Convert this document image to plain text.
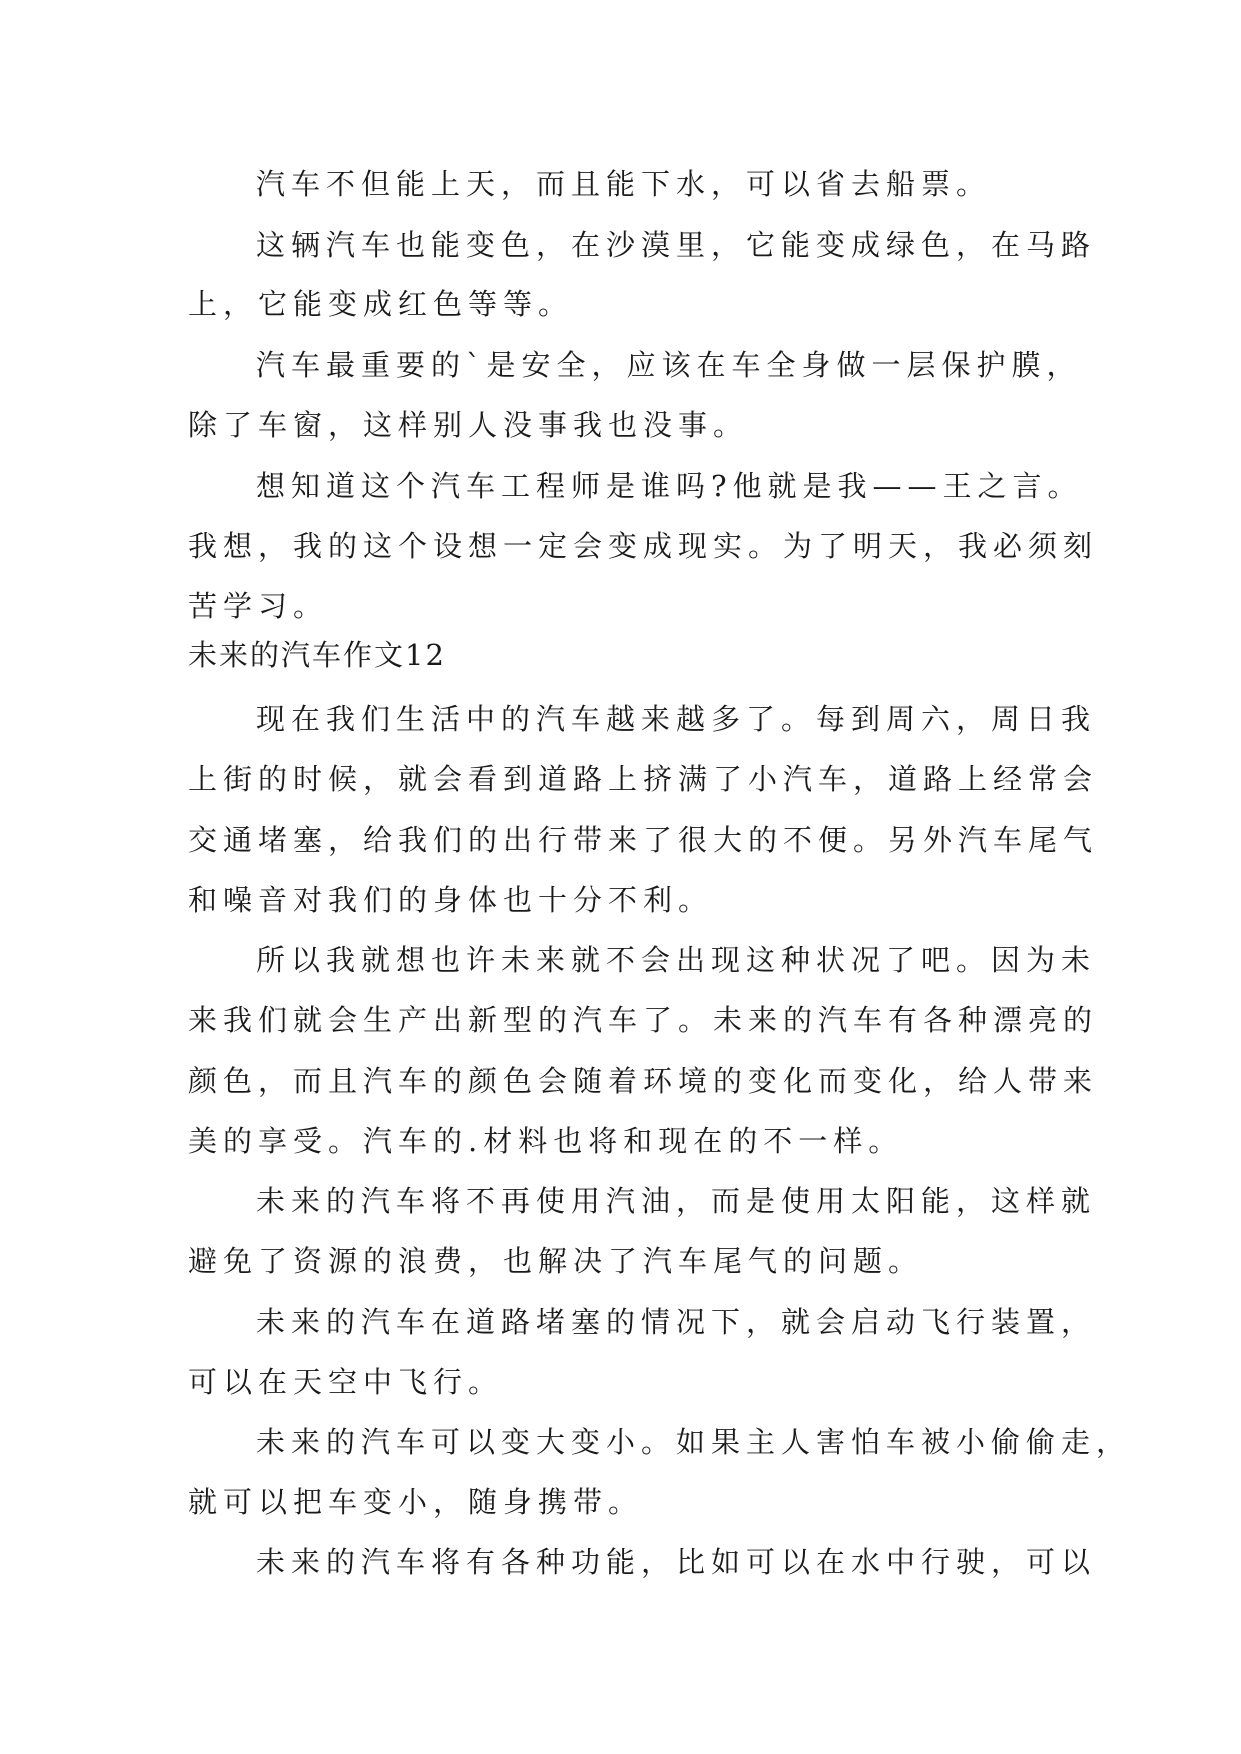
汽车不但能上天，而且能下水，可以省去船票。

这辆汽车也能变色，在沙漠里，它能变成绿色，在马路

上，它能变成红色等等。

汽车最重要的`是安全，应该在车全身做一层保护膜，

除了车窗，这样别人没事我也没事。

想知道这个汽车工程师是谁吗?他就是我——王之言。

我想，我的这个设想一定会变成现实。为了明天，我必须刻

苦学习。

未来的汽车作文12

现在我们生活中的汽车越来越多了。每到周六，周日我

上街的时候，就会看到道路上挤满了小汽车，道路上经常会

交通堵塞，给我们的出行带来了很大的不便。另外汽车尾气

和噪音对我们的身体也十分不利。

所以我就想也许未来就不会出现这种状况了吧。因为未

来我们就会生产出新型的汽车了。未来的汽车有各种漂亮的

颜色，而且汽车的颜色会随着环境的变化而变化，给人带来

美的享受。汽车的.材料也将和现在的不一样。

未来的汽车将不再使用汽油，而是使用太阳能，这样就

避免了资源的浪费，也解决了汽车尾气的问题。

未来的汽车在道路堵塞的情况下，就会启动飞行装置，

可以在天空中飞行。

未来的汽车可以变大变小。如果主人害怕车被小偷偷走，

就可以把车变小，随身携带。

未来的汽车将有各种功能，比如可以在水中行驶，可以
